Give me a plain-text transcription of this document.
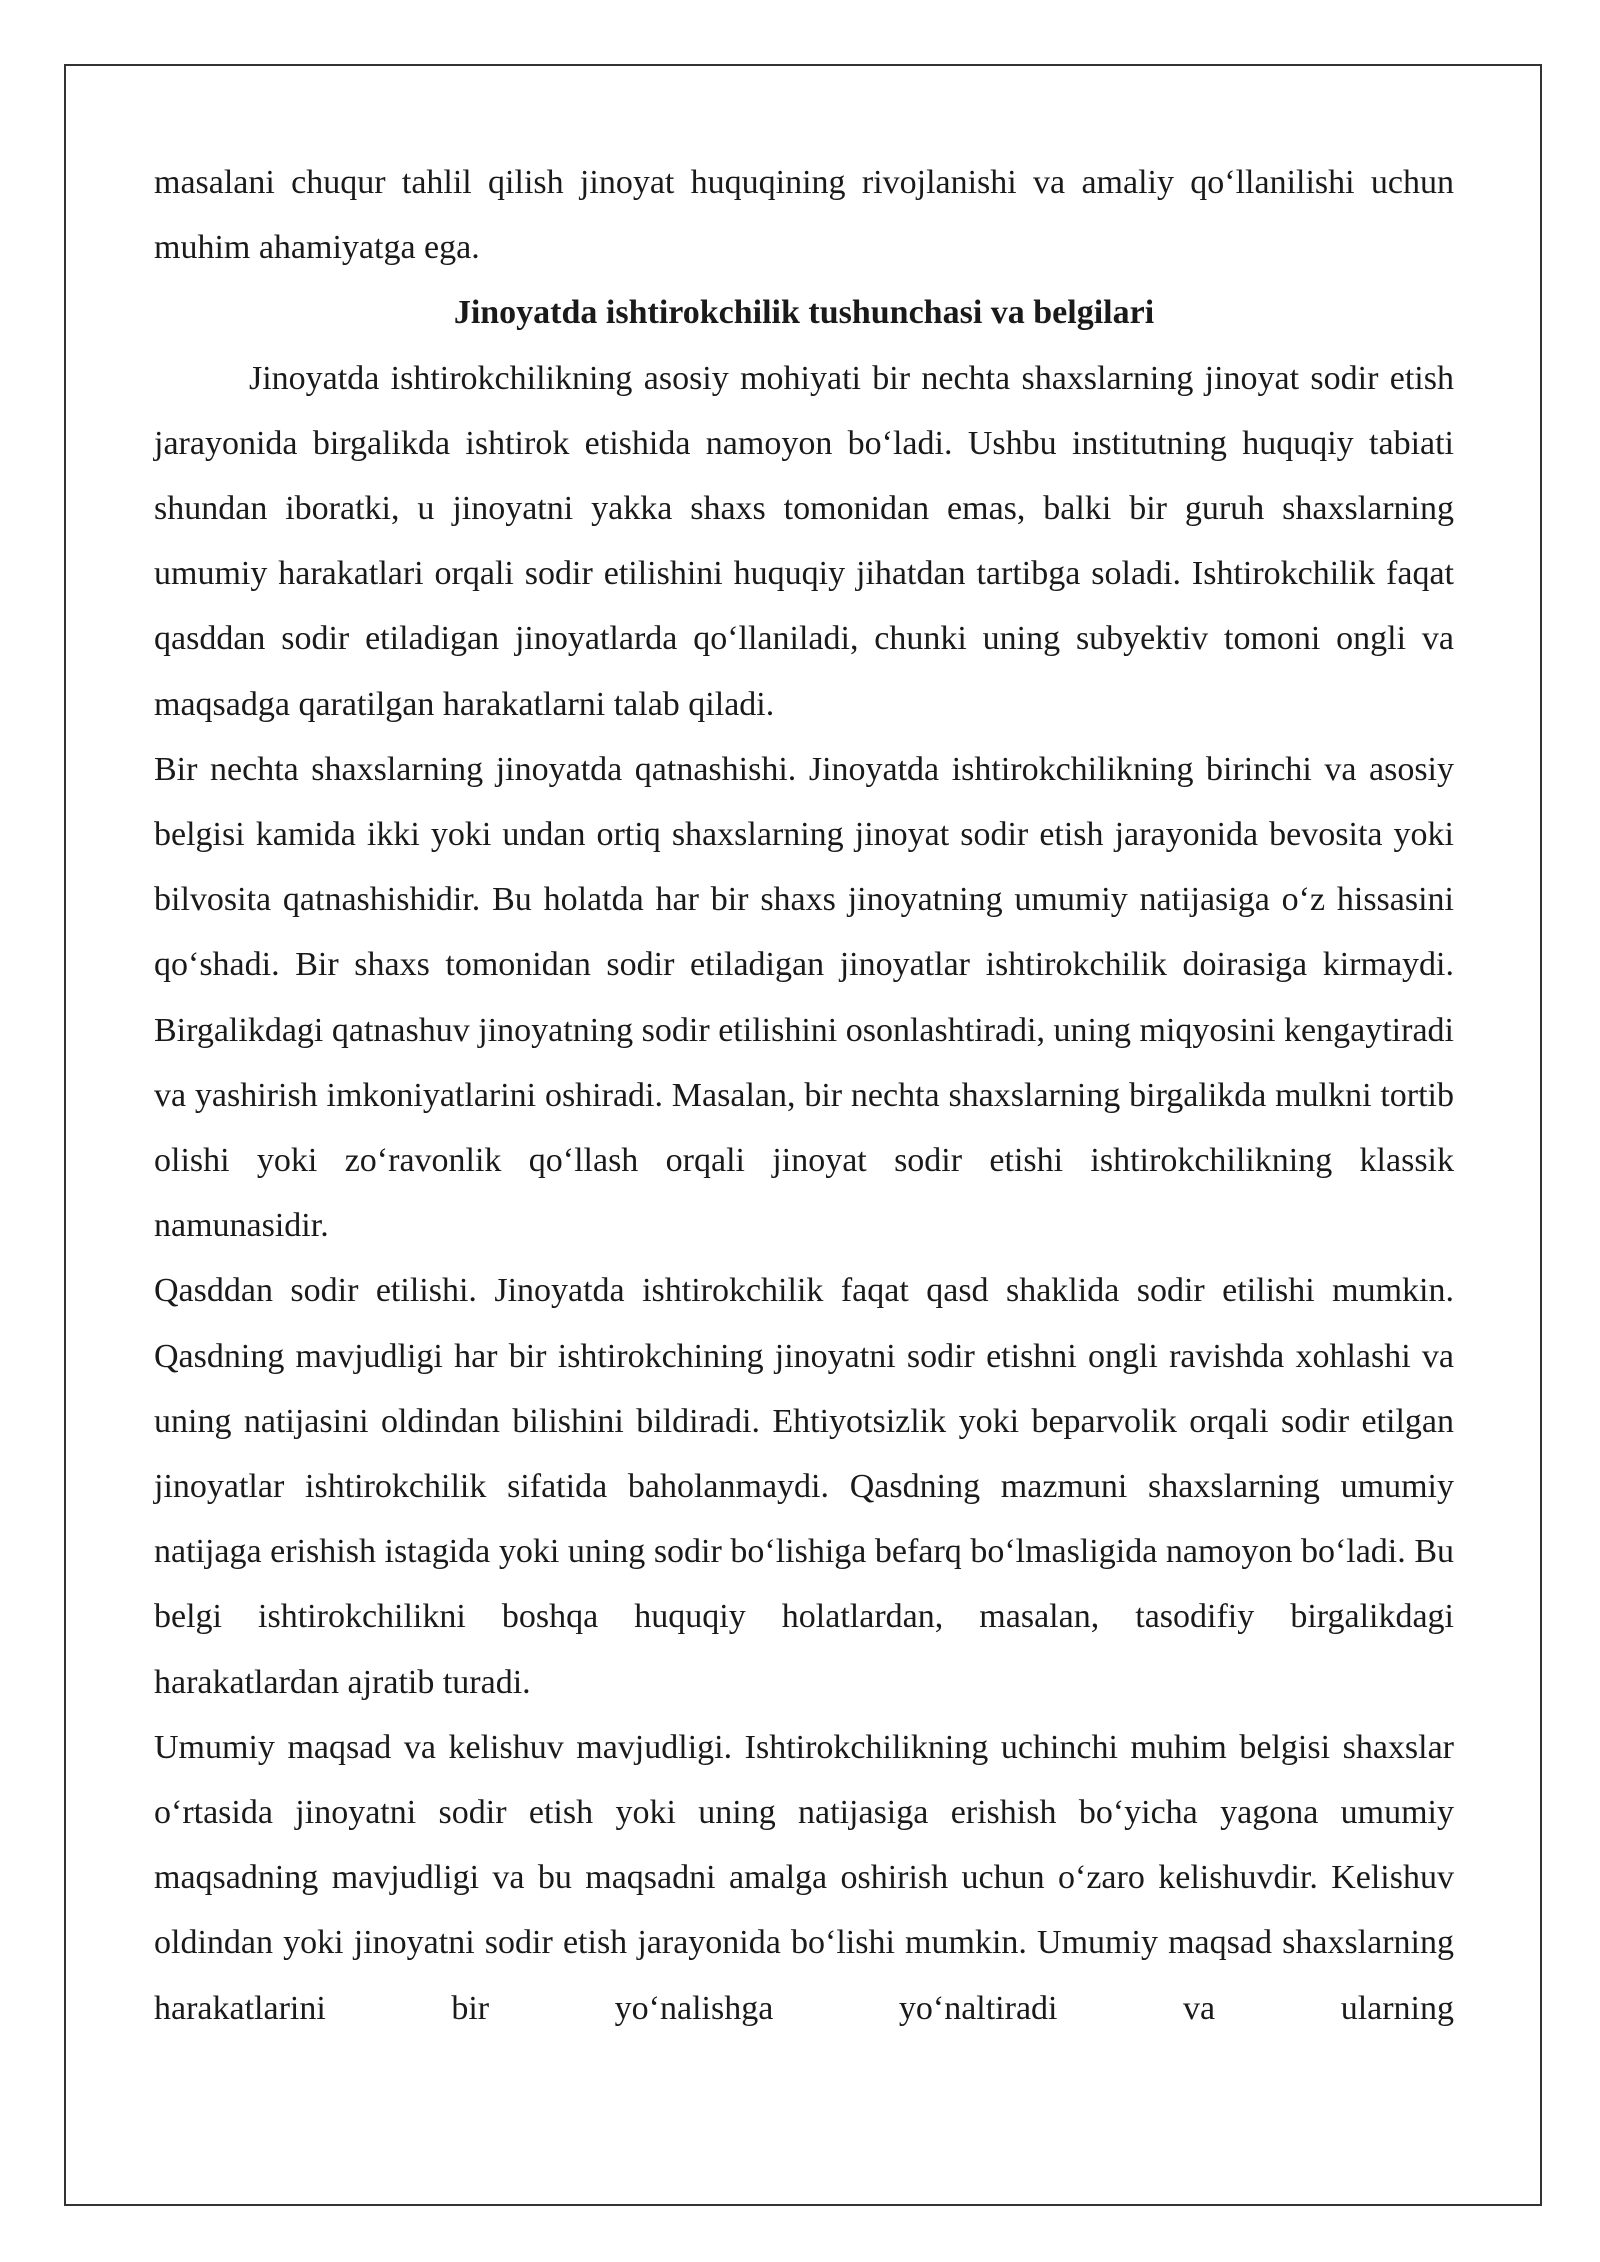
masalani chuqur tahlil qilish jinoyat huquqining rivojlanishi va amaliy qo‘llanilishi uchun muhim ahamiyatga ega.

Jinoyatda ishtirokchilik tushunchasi va belgilari

Jinoyatda ishtirokchilikning asosiy mohiyati bir nechta shaxslarning jinoyat sodir etish jarayonida birgalikda ishtirok etishida namoyon bo‘ladi. Ushbu institutning huquqiy tabiati shundan iboratki, u jinoyatni yakka shaxs tomonidan emas, balki bir guruh shaxslarning umumiy harakatlari orqali sodir etilishini huquqiy jihatdan tartibga soladi. Ishtirokchilik faqat qasddan sodir etiladigan jinoyatlarda qo‘llaniladi, chunki uning subyektiv tomoni ongli va maqsadga qaratilgan harakatlarni talab qiladi.

Bir nechta shaxslarning jinoyatda qatnashishi. Jinoyatda ishtirokchilikning birinchi va asosiy belgisi kamida ikki yoki undan ortiq shaxslarning jinoyat sodir etish jarayonida bevosita yoki bilvosita qatnashishidir. Bu holatda har bir shaxs jinoyatning umumiy natijasiga o‘z hissasini qo‘shadi. Bir shaxs tomonidan sodir etiladigan jinoyatlar ishtirokchilik doirasiga kirmaydi. Birgalikdagi qatnashuv jinoyatning sodir etilishini osonlashtiradi, uning miqyosini kengaytiradi va yashirish imkoniyatlarini oshiradi. Masalan, bir nechta shaxslarning birgalikda mulkni tortib olishi yoki zo‘ravonlik qo‘llash orqali jinoyat sodir etishi ishtirokchilikning klassik namunasidir.

Qasddan sodir etilishi. Jinoyatda ishtirokchilik faqat qasd shaklida sodir etilishi mumkin. Qasdning mavjudligi har bir ishtirokchining jinoyatni sodir etishni ongli ravishda xohlashi va uning natijasini oldindan bilishini bildiradi. Ehtiyotsizlik yoki beparvolik orqali sodir etilgan jinoyatlar ishtirokchilik sifatida baholanmaydi. Qasdning mazmuni shaxslarning umumiy natijaga erishish istagida yoki uning sodir bo‘lishiga befarq bo‘lmasligida namoyon bo‘ladi. Bu belgi ishtirokchilikni boshqa huquqiy holatlardan, masalan, tasodifiy birgalikdagi harakatlardan ajratib turadi.

Umumiy maqsad va kelishuv mavjudligi. Ishtirokchilikning uchinchi muhim belgisi shaxslar o‘rtasida jinoyatni sodir etish yoki uning natijasiga erishish bo‘yicha yagona umumiy maqsadning mavjudligi va bu maqsadni amalga oshirish uchun o‘zaro kelishuvdir. Kelishuv oldindan yoki jinoyatni sodir etish jarayonida bo‘lishi mumkin. Umumiy maqsad shaxslarning harakatlarini bir yo‘nalishga yo‘naltiradi va ularning
